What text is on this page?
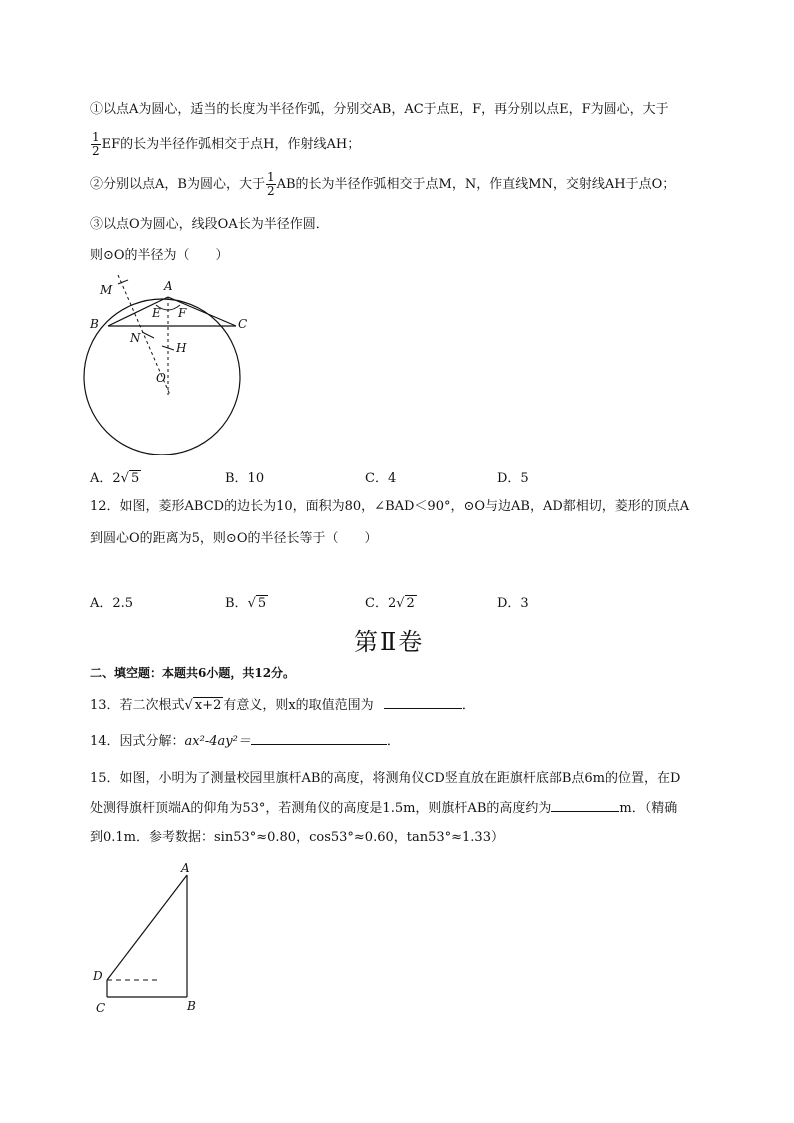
①以点A为圆心，适当的长度为半径作弧，分别交AB，AC于点E，F，再分别以点E，F为圆心，大于
$\frac{1}{2}$ EF的长为半径作弧相交于点H，作射线AH；
②分别以点A，B为圆心，大于 $\frac{1}{2}$ AB的长为半径作弧相交于点M，N，作直线MN，交射线AH于点O；
③以点O为圆心，线段OA长为半径作圆．
则⊙O的半径为（　　）
M	A
E F
B	C
N
H
O
A．2√ 5	B．10	C．4	D．5
12．如图，菱形ABCD的边长为10，面积为80，∠BAD＜90°，⊙O与边AB，AD都相切，菱形的顶点A
到圆心O的距离为5，则⊙O的半径长等于（　　）
A．2.5	B．√ 5	C．2√ 2	D．3
第Ⅱ卷
二、填空题：本题共6小题，共12分。
13．若二次根式√ x+2 有意义，则x的取值范围为	．
14．因式分解：ax²-4ay²＝	．
15．如图，小明为了测量校园里旗杆AB的高度，将测角仪CD竖直放在距旗杆底部B点6m的位置，在D
处测得旗杆顶端A的仰角为53°，若测角仪的高度是1.5m，则旗杆AB的高度约为	m．（精确
到0.1m．参考数据：sin53°≈0.80，cos53°≈0.60，tan53°≈1.33）
A
D
C	B
